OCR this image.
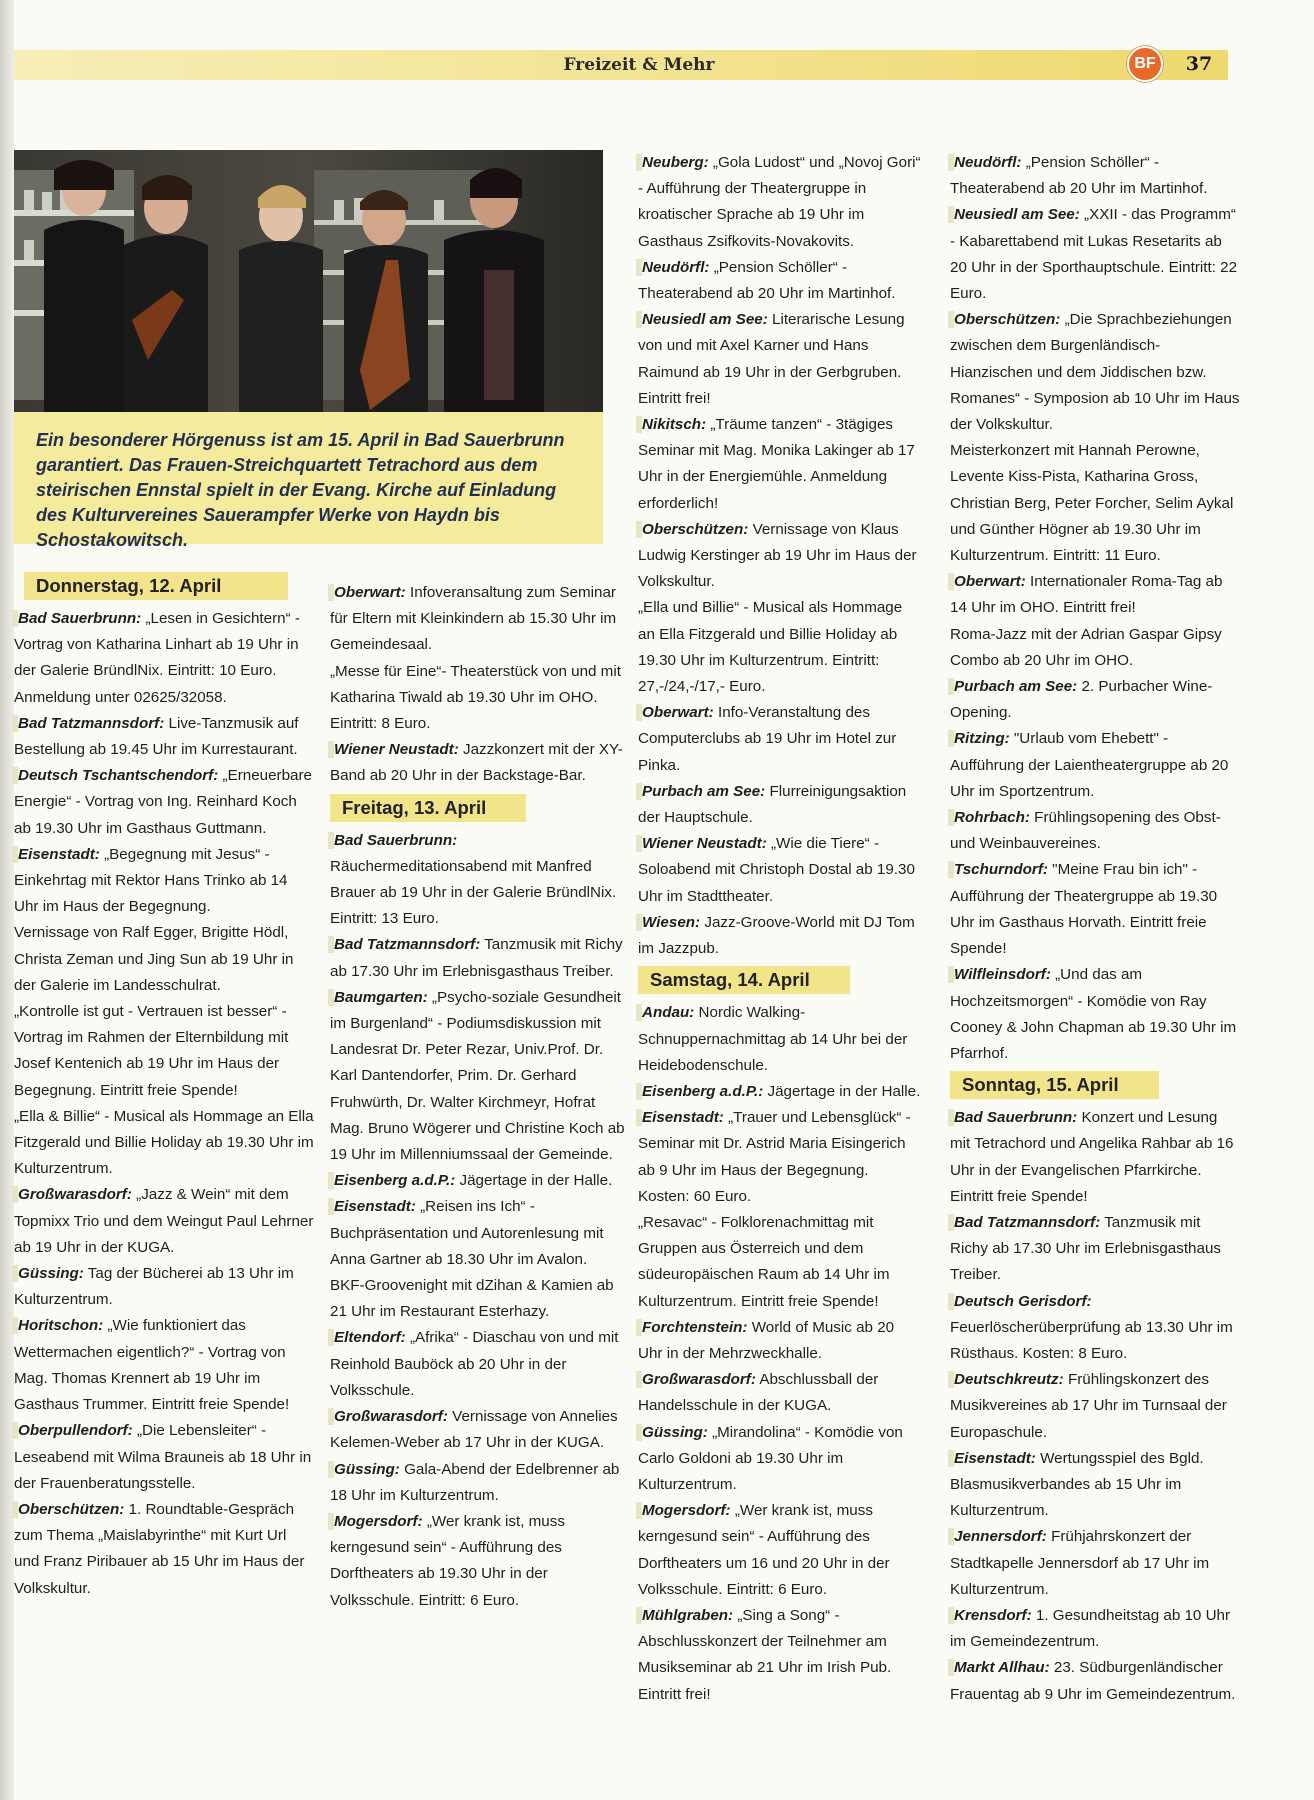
Freizeit & Mehr	BF	37

Ein besonderer Hörgenuss ist am 15. April in Bad Sauerbrunn garantiert. Das Frauen-Streichquartett Tetrachord aus dem steirischen Ennstal spielt in der Evang. Kirche auf Einladung des Kulturvereines Sauerampfer Werke von Haydn bis Schostakowitsch.

Donnerstag, 12. April
Bad Sauerbrunn: „Lesen in Gesichtern“ - Vortrag von Katharina Linhart ab 19 Uhr in der Galerie BründlNix. Eintritt: 10 Euro. Anmeldung unter 02625/32058.
Bad Tatzmannsdorf: Live-Tanzmusik auf Bestellung ab 19.45 Uhr im Kurrestaurant.
Deutsch Tschantschendorf: „Erneuerbare Energie“ - Vortrag von Ing. Reinhard Koch ab 19.30 Uhr im Gasthaus Guttmann.
Eisenstadt: „Begegnung mit Jesus“ - Einkehrtag mit Rektor Hans Trinko ab 14 Uhr im Haus der Begegnung.
Vernissage von Ralf Egger, Brigitte Hödl, Christa Zeman und Jing Sun ab 19 Uhr in der Galerie im Landesschulrat.
„Kontrolle ist gut - Vertrauen ist besser“ - Vortrag im Rahmen der Elternbildung mit Josef Kentenich ab 19 Uhr im Haus der Begegnung. Eintritt freie Spende!
„Ella & Billie“ - Musical als Hommage an Ella Fitzgerald und Billie Holiday ab 19.30 Uhr im Kulturzentrum.
Großwarasdorf: „Jazz & Wein“ mit dem Topmixx Trio und dem Weingut Paul Lehrner ab 19 Uhr in der KUGA.
Güssing: Tag der Bücherei ab 13 Uhr im Kulturzentrum.
Horitschon: „Wie funktioniert das Wettermachen eigentlich?“ - Vortrag von Mag. Thomas Krennert ab 19 Uhr im Gasthaus Trummer. Eintritt freie Spende!
Oberpullendorf: „Die Lebensleiter“ - Leseabend mit Wilma Brauneis ab 18 Uhr in der Frauenberatungsstelle.
Oberschützen: 1. Roundtable-Gespräch zum Thema „Maislabyrinthe“ mit Kurt Url und Franz Piribauer ab 15 Uhr im Haus der Volkskultur.
Oberwart: Infoveransaltung zum Seminar für Eltern mit Kleinkindern ab 15.30 Uhr im Gemeindesaal.
„Messe für Eine“- Theaterstück von und mit Katharina Tiwald ab 19.30 Uhr im OHO. Eintritt: 8 Euro.
Wiener Neustadt: Jazzkonzert mit der XY-Band ab 20 Uhr in der Backstage-Bar.
Freitag, 13. April
Bad Sauerbrunn: Räuchermeditationsabend mit Manfred Brauer ab 19 Uhr in der Galerie BründlNix. Eintritt: 13 Euro.
Bad Tatzmannsdorf: Tanzmusik mit Richy ab 17.30 Uhr im Erlebnisgasthaus Treiber.
Baumgarten: „Psycho-soziale Gesundheit im Burgenland“ - Podiumsdiskussion mit Landesrat Dr. Peter Rezar, Univ.Prof. Dr. Karl Dantendorfer, Prim. Dr. Gerhard Fruhwürth, Dr. Walter Kirchmeyr, Hofrat Mag. Bruno Wögerer und Christine Koch ab 19 Uhr im Millenniumssaal der Gemeinde.
Eisenberg a.d.P.: Jägertage in der Halle.
Eisenstadt: „Reisen ins Ich“ -Buchpräsentation und Autorenlesung mit Anna Gartner ab 18.30 Uhr im Avalon.
BKF-Groovenight mit dZihan & Kamien ab 21 Uhr im Restaurant Esterhazy.
Eltendorf: „Afrika“ - Diaschau von und mit Reinhold Bauböck ab 20 Uhr in der Volksschule.
Großwarasdorf: Vernissage von Annelies Kelemen-Weber ab 17 Uhr in der KUGA.
Güssing: Gala-Abend der Edelbrenner ab 18 Uhr im Kulturzentrum.
Mogersdorf: „Wer krank ist, muss kerngesund sein“ - Aufführung des Dorftheaters ab 19.30 Uhr in der Volksschule. Eintritt: 6 Euro.
Neuberg: „Gola Ludost“ und „Novoj Gori“ - Aufführung der Theatergruppe in kroatischer Sprache ab 19 Uhr im Gasthaus Zsifkovits-Novakovits.
Neudörfl: „Pension Schöller“ - Theaterabend ab 20 Uhr im Martinhof.
Neusiedl am See: Literarische Lesung von und mit Axel Karner und Hans Raimund ab 19 Uhr in der Gerbgruben. Eintritt frei!
Nikitsch: „Träume tanzen“ - 3tägiges Seminar mit Mag. Monika Lakinger ab 17 Uhr in der Energiemühle. Anmeldung erforderlich!
Oberschützen: Vernissage von Klaus Ludwig Kerstinger ab 19 Uhr im Haus der Volkskultur.
„Ella und Billie“ - Musical als Hommage an Ella Fitzgerald und Billie Holiday ab 19.30 Uhr im Kulturzentrum. Eintritt: 27,-/24,-/17,- Euro.
Oberwart: Info-Veranstaltung des Computerclubs ab 19 Uhr im Hotel zur Pinka.
Purbach am See: Flurreinigungsaktion der Hauptschule.
Wiener Neustadt: „Wie die Tiere“ - Soloabend mit Christoph Dostal ab 19.30 Uhr im Stadttheater.
Wiesen: Jazz-Groove-World mit DJ Tom im Jazzpub.
Samstag, 14. April
Andau: Nordic Walking-Schnuppernachmittag ab 14 Uhr bei der Heidebodenschule.
Eisenberg a.d.P.: Jägertage in der Halle.
Eisenstadt: „Trauer und Lebensglück“ - Seminar mit Dr. Astrid Maria Eisingerich ab 9 Uhr im Haus der Begegnung. Kosten: 60 Euro.
„Resavac“ - Folklorenachmittag mit Gruppen aus Österreich und dem südeuropäischen Raum ab 14 Uhr im Kulturzentrum. Eintritt freie Spende!
Forchtenstein: World of Music ab 20 Uhr in der Mehrzweckhalle.
Großwarasdorf: Abschlussball der Handelsschule in der KUGA.
Güssing: „Mirandolina“ - Komödie von Carlo Goldoni ab 19.30 Uhr im Kulturzentrum.
Mogersdorf: „Wer krank ist, muss kerngesund sein“ - Aufführung des Dorftheaters um 16 und 20 Uhr in der Volksschule. Eintritt: 6 Euro.
Mühlgraben: „Sing a Song“ - Abschlusskonzert der Teilnehmer am Musikseminar ab 21 Uhr im Irish Pub. Eintritt frei!
Neudörfl: „Pension Schöller“ - Theaterabend ab 20 Uhr im Martinhof.
Neusiedl am See: „XXII - das Programm“ - Kabarettabend mit Lukas Resetarits ab 20 Uhr in der Sporthauptschule. Eintritt: 22 Euro.
Oberschützen: „Die Sprachbeziehungen zwischen dem Burgenländisch-Hianzischen und dem Jiddischen bzw. Romanes“ - Symposion ab 10 Uhr im Haus der Volkskultur.
Meisterkonzert mit Hannah Perowne, Levente Kiss-Pista, Katharina Gross, Christian Berg, Peter Forcher, Selim Aykal und Günther Högner ab 19.30 Uhr im Kulturzentrum. Eintritt: 11 Euro.
Oberwart: Internationaler Roma-Tag ab 14 Uhr im OHO. Eintritt frei!
Roma-Jazz mit der Adrian Gaspar Gipsy Combo ab 20 Uhr im OHO.
Purbach am See: 2. Purbacher Wine-Opening.
Ritzing: "Urlaub vom Ehebett" - Aufführung der Laientheatergruppe ab 20 Uhr im Sportzentrum.
Rohrbach: Frühlingsopening des Obst- und Weinbauvereines.
Tschurndorf: "Meine Frau bin ich" - Aufführung der Theatergruppe ab 19.30 Uhr im Gasthaus Horvath. Eintritt freie Spende!
Wilfleinsdorf: „Und das am Hochzeitsmorgen“ - Komödie von Ray Cooney & John Chapman ab 19.30 Uhr im Pfarrhof.
Sonntag, 15. April
Bad Sauerbrunn: Konzert und Lesung mit Tetrachord und Angelika Rahbar ab 16 Uhr in der Evangelischen Pfarrkirche. Eintritt freie Spende!
Bad Tatzmannsdorf: Tanzmusik mit Richy ab 17.30 Uhr im Erlebnisgasthaus Treiber.
Deutsch Gerisdorf: Feuerlöscherüberprüfung ab 13.30 Uhr im Rüsthaus. Kosten: 8 Euro.
Deutschkreutz: Frühlingskonzert des Musikvereines ab 17 Uhr im Turnsaal der Europaschule.
Eisenstadt: Wertungsspiel des Bgld. Blasmusikverbandes ab 15 Uhr im Kulturzentrum.
Jennersdorf: Frühjahrskonzert der Stadtkapelle Jennersdorf ab 17 Uhr im Kulturzentrum.
Krensdorf: 1. Gesundheitstag ab 10 Uhr im Gemeindezentrum.
Markt Allhau: 23. Südburgenländischer Frauentag ab 9 Uhr im Gemeindezentrum.
